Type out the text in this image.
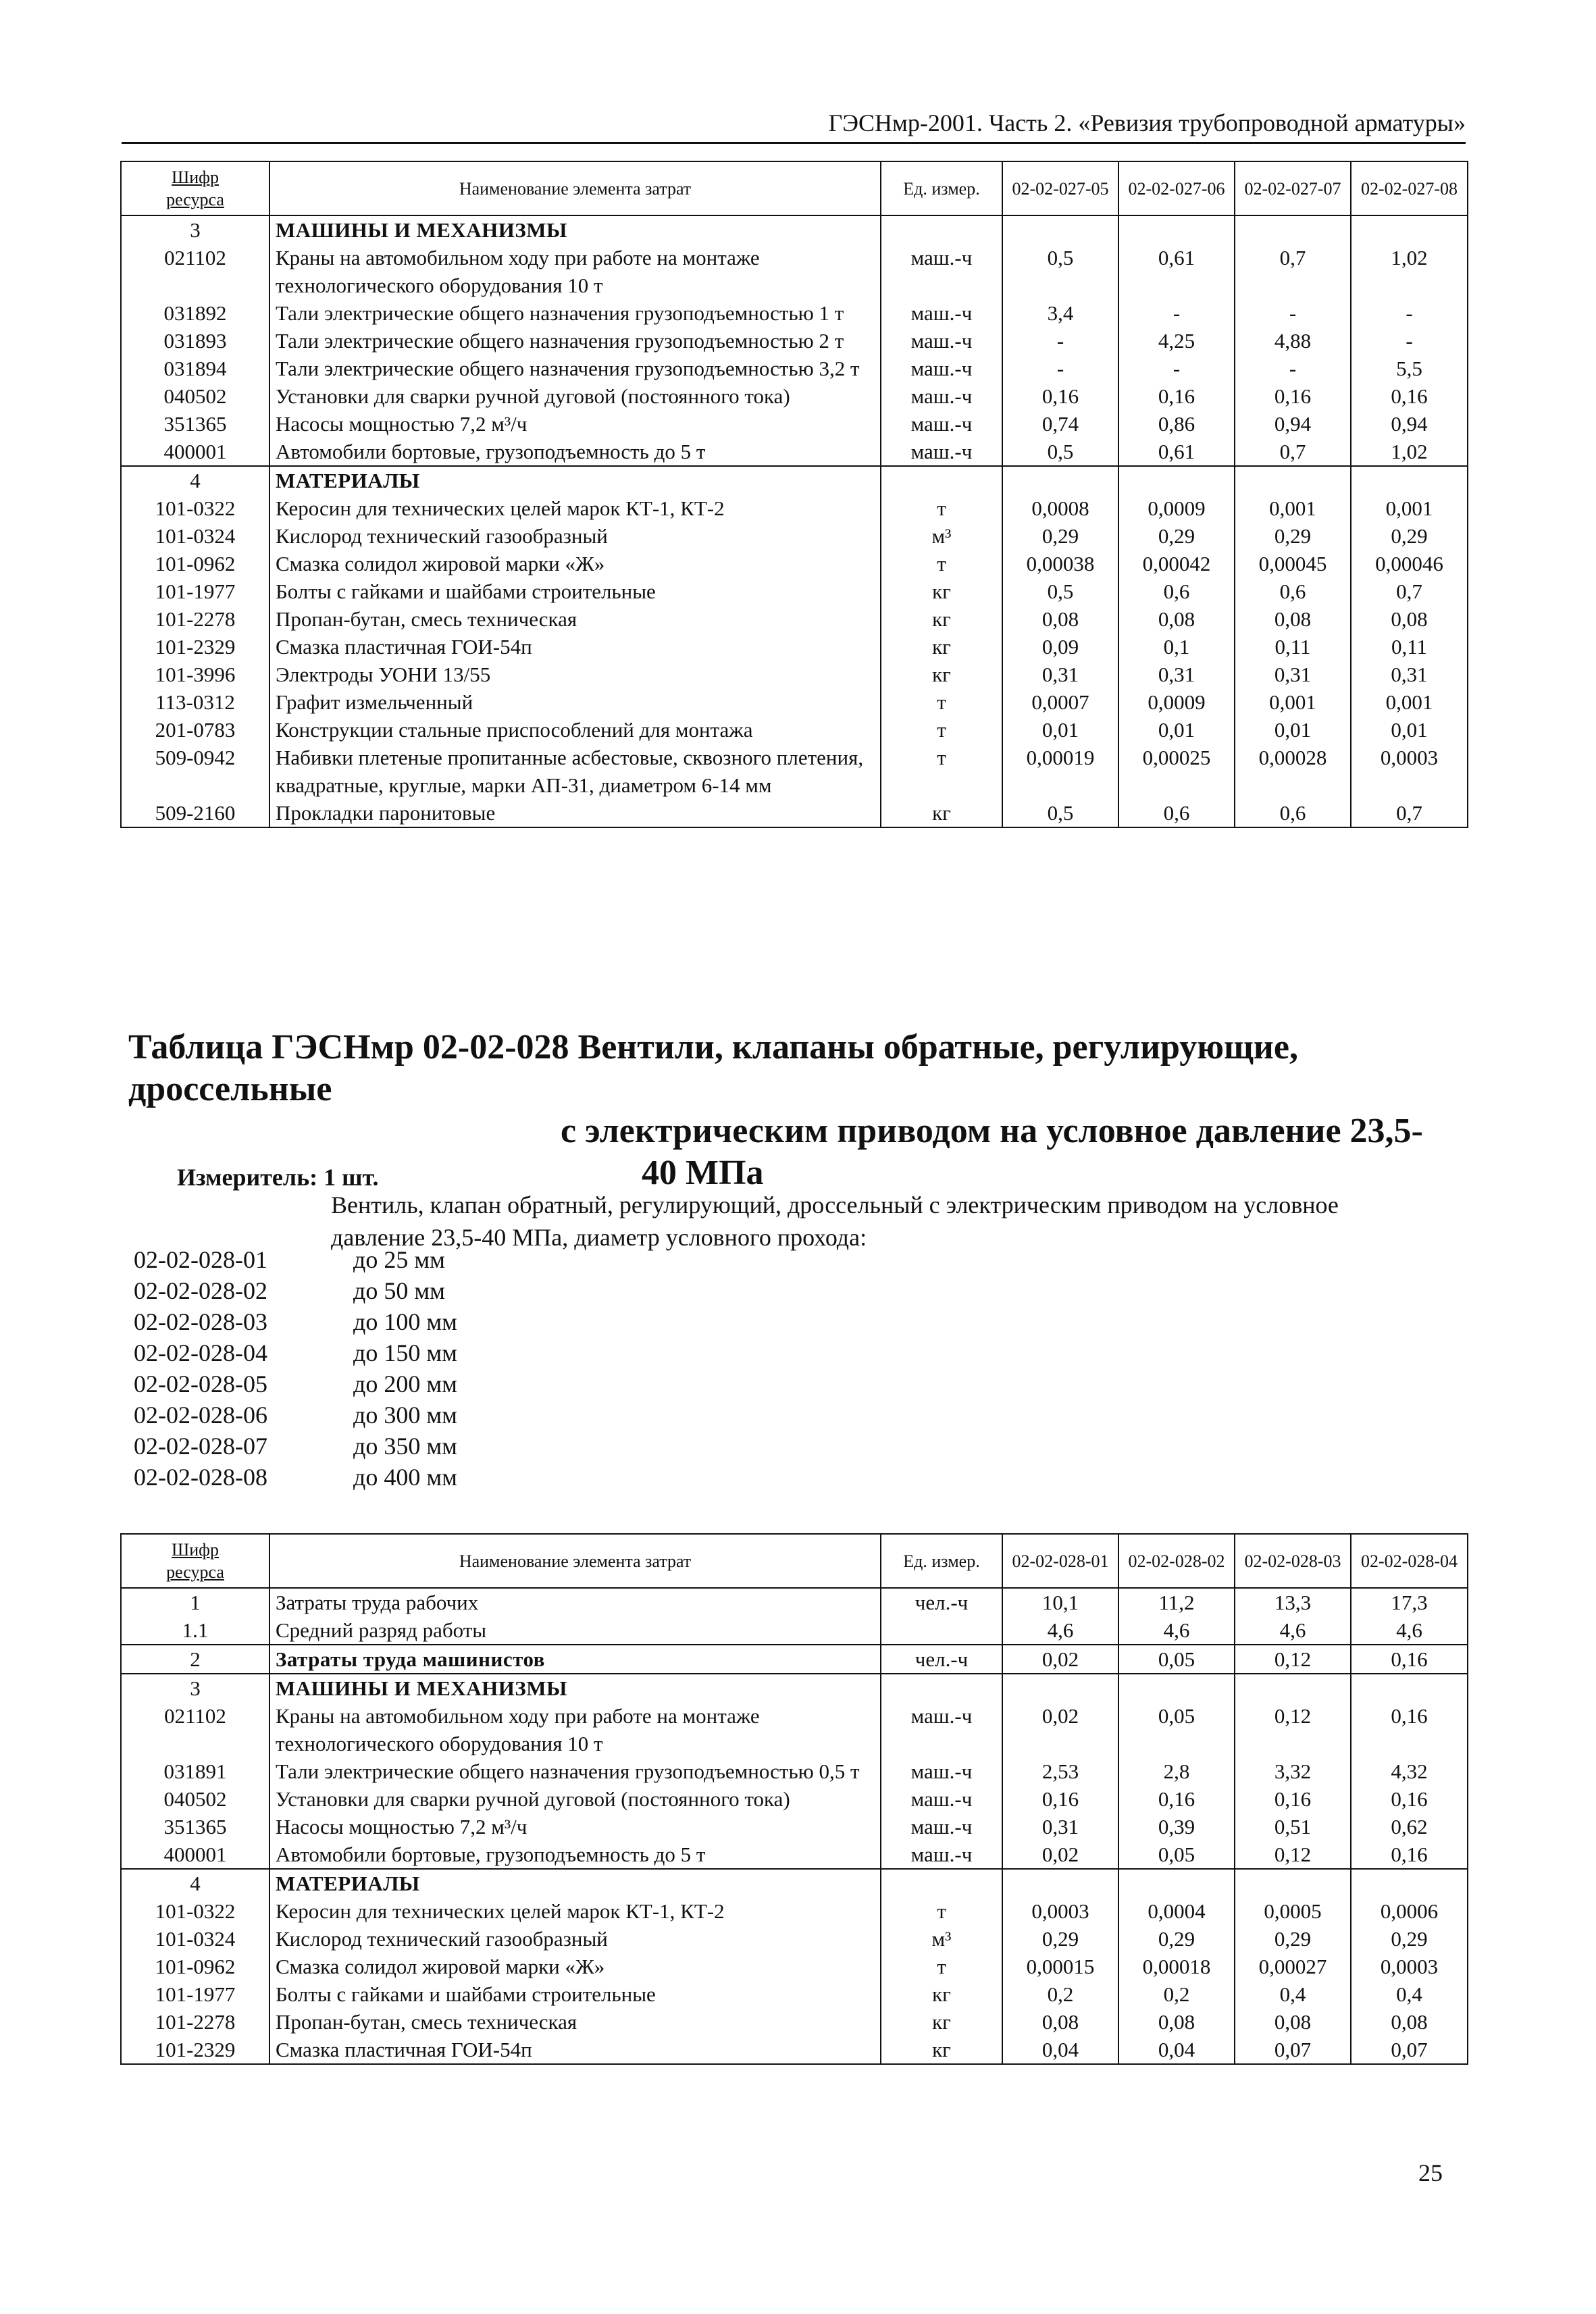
ГЭСНмр-2001. Часть 2. «Ревизия трубопроводной арматуры»
Шифр
ресурса	Наименование элемента затрат	Ед. измер.	02-02-027-05	02-02-027-06	02-02-027-07	02-02-027-08
3	МАШИНЫ И МЕХАНИЗМЫ					
021102	Краны на автомобильном ходу при работе на монтаже технологического оборудования 10 т	маш.-ч	0,5	0,61	0,7	1,02
031892	Тали электрические общего назначения грузоподъемностью 1 т	маш.-ч	3,4	-	-	-
031893	Тали электрические общего назначения грузоподъемностью 2 т	маш.-ч	-	4,25	4,88	-
031894	Тали электрические общего назначения грузоподъемностью 3,2 т	маш.-ч	-	-	-	5,5
040502	Установки для сварки ручной дуговой (постоянного тока)	маш.-ч	0,16	0,16	0,16	0,16
351365	Насосы мощностью 7,2 м³/ч	маш.-ч	0,74	0,86	0,94	0,94
400001	Автомобили бортовые, грузоподъемность до 5 т	маш.-ч	0,5	0,61	0,7	1,02
4	МАТЕРИАЛЫ					
101-0322	Керосин для технических целей марок КТ-1, КТ-2	т	0,0008	0,0009	0,001	0,001
101-0324	Кислород технический газообразный	м³	0,29	0,29	0,29	0,29
101-0962	Смазка солидол жировой марки «Ж»	т	0,00038	0,00042	0,00045	0,00046
101-1977	Болты с гайками и шайбами строительные	кг	0,5	0,6	0,6	0,7
101-2278	Пропан-бутан, смесь техническая	кг	0,08	0,08	0,08	0,08
101-2329	Смазка пластичная ГОИ-54п	кг	0,09	0,1	0,11	0,11
101-3996	Электроды УОНИ 13/55	кг	0,31	0,31	0,31	0,31
113-0312	Графит измельченный	т	0,0007	0,0009	0,001	0,001
201-0783	Конструкции стальные приспособлений для монтажа	т	0,01	0,01	0,01	0,01
509-0942	Набивки плетеные пропитанные асбестовые, сквозного плетения, квадратные, круглые, марки АП-31, диаметром 6-14 мм	т	0,00019	0,00025	0,00028	0,0003
509-2160	Прокладки паронитовые	кг	0,5	0,6	0,6	0,7
Таблица ГЭСНмр 02-02-028 Вентили, клапаны обратные, регулирующие, дроссельные
с электрическим приводом на условное давление 23,5-
40 МПа
Измеритель: 1 шт.
Вентиль, клапан обратный, регулирующий, дроссельный с электрическим приводом на условное давление 23,5-40 МПа, диаметр условного прохода:
02-02-028-01	до 25 мм
02-02-028-02	до 50 мм
02-02-028-03	до 100 мм
02-02-028-04	до 150 мм
02-02-028-05	до 200 мм
02-02-028-06	до 300 мм
02-02-028-07	до 350 мм
02-02-028-08	до 400 мм
Шифр
ресурса	Наименование элемента затрат	Ед. измер.	02-02-028-01	02-02-028-02	02-02-028-03	02-02-028-04
1	Затраты труда рабочих	чел.-ч	10,1	11,2	13,3	17,3
1.1	Средний разряд работы		4,6	4,6	4,6	4,6
2	Затраты труда машинистов	чел.-ч	0,02	0,05	0,12	0,16
3	МАШИНЫ И МЕХАНИЗМЫ					
021102	Краны на автомобильном ходу при работе на монтаже технологического оборудования 10 т	маш.-ч	0,02	0,05	0,12	0,16
031891	Тали электрические общего назначения грузоподъемностью 0,5 т	маш.-ч	2,53	2,8	3,32	4,32
040502	Установки для сварки ручной дуговой (постоянного тока)	маш.-ч	0,16	0,16	0,16	0,16
351365	Насосы мощностью 7,2 м³/ч	маш.-ч	0,31	0,39	0,51	0,62
400001	Автомобили бортовые, грузоподъемность до 5 т	маш.-ч	0,02	0,05	0,12	0,16
4	МАТЕРИАЛЫ					
101-0322	Керосин для технических целей марок КТ-1, КТ-2	т	0,0003	0,0004	0,0005	0,0006
101-0324	Кислород технический газообразный	м³	0,29	0,29	0,29	0,29
101-0962	Смазка солидол жировой марки «Ж»	т	0,00015	0,00018	0,00027	0,0003
101-1977	Болты с гайками и шайбами строительные	кг	0,2	0,2	0,4	0,4
101-2278	Пропан-бутан, смесь техническая	кг	0,08	0,08	0,08	0,08
101-2329	Смазка пластичная ГОИ-54п	кг	0,04	0,04	0,07	0,07
25
